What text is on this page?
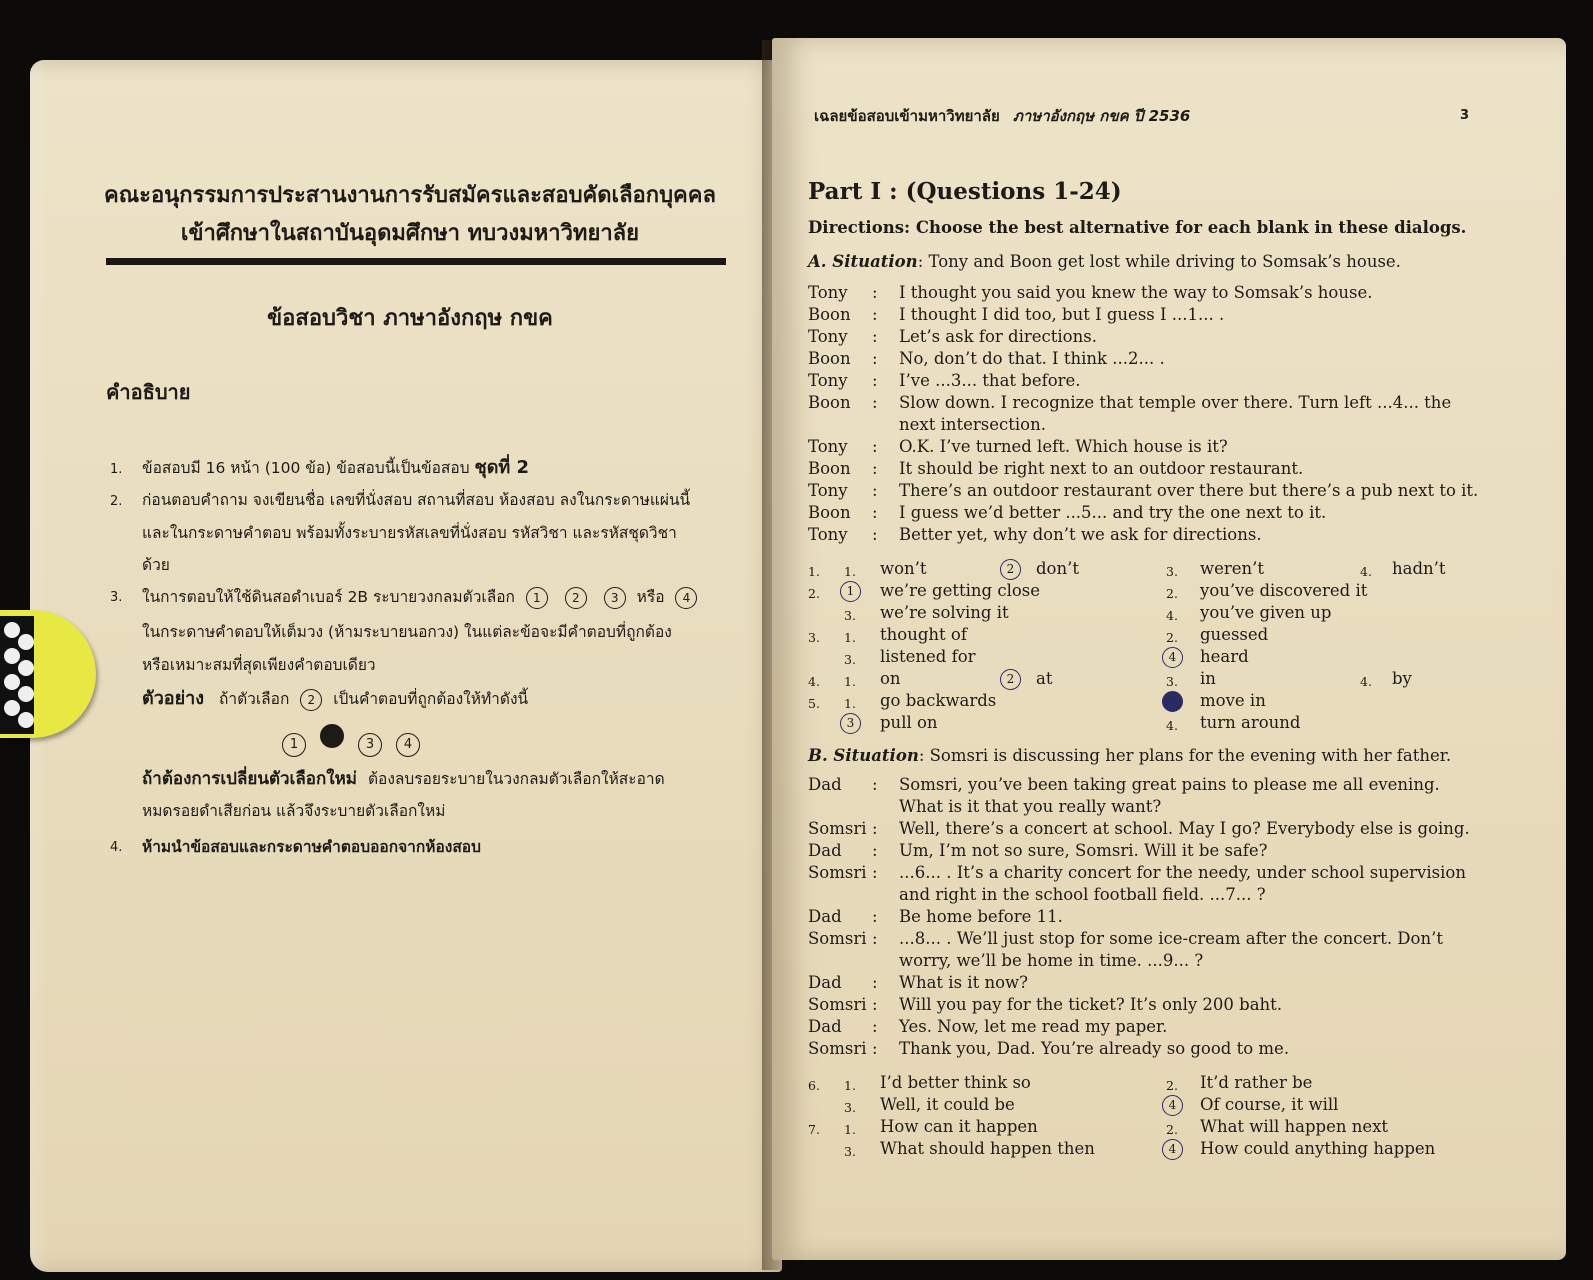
คณะอนุกรรมการประสานงานการรับสมัครและสอบคัดเลือกบุคคล
เข้าศึกษาในสถาบันอุดมศึกษา ทบวงมหาวิทยาลัย
ข้อสอบวิชา ภาษาอังกฤษ กขค
คำอธิบาย
1. ข้อสอบมี 16 หน้า (100 ข้อ) ข้อสอบนี้เป็นข้อสอบ ชุดที่ 2
2. ก่อนตอบคำถาม จงเขียนชื่อ เลขที่นั่งสอบ สถานที่สอบ ห้องสอบ ลงในกระดาษแผ่นนี้
และในกระดาษคำตอบ พร้อมทั้งระบายรหัสเลขที่นั่งสอบ รหัสวิชา และรหัสชุดวิชา
ด้วย
3. ในการตอบให้ใช้ดินสอดำเบอร์ 2B ระบายวงกลมตัวเลือก 1	2	3 หรือ 4
ในกระดาษคำตอบให้เต็มวง (ห้ามระบายนอกวง) ในแต่ละข้อจะมีคำตอบที่ถูกต้อง
หรือเหมาะสมที่สุดเพียงคำตอบเดียว
ตัวอย่าง ถ้าตัวเลือก 2 เป็นคำตอบที่ถูกต้องให้ทำดังนี้
1	3 4
ถ้าต้องการเปลี่ยนตัวเลือกใหม่ ต้องลบรอยระบายในวงกลมตัวเลือกให้สะอาด
หมดรอยดำเสียก่อน แล้วจึงระบายตัวเลือกใหม่
4. ห้ามนำข้อสอบและกระดาษคำตอบออกจากห้องสอบ
เฉลยข้อสอบเข้ามหาวิทยาลัย ภาษาอังกฤษ กขค ปี 2536	3
Part I : (Questions 1-24)
Directions: Choose the best alternative for each blank in these dialogs.
A. Situation: Tony and Boon get lost while driving to Somsak’s house.
Tony : I thought you said you knew the way to Somsak’s house.
Boon : I thought I did too, but I guess I ...1... .
Tony : Let’s ask for directions.
Boon : No, don’t do that. I think ...2... .
Tony : I’ve ...3... that before.
Boon : Slow down. I recognize that temple over there. Turn left ...4... the
next intersection.
Tony : O.K. I’ve turned left. Which house is it?
Boon : It should be right next to an outdoor restaurant.
Tony : There’s an outdoor restaurant over there but there’s a pub next to it.
Boon : I guess we’d better ...5... and try the one next to it.
Tony : Better yet, why don’t we ask for directions.
1. 1. won’t	2	don’t	3. weren’t	4. hadn’t
2.	1	we’re getting close	2. you’ve discovered it
3. we’re solving it	4. you’ve given up
3. 1. thought of	2. guessed
3. listened for	4	heard
4. 1. on	2	at	3. in	4. by
5. 1. go backwards	2	move in
3	pull on	4. turn around
B. Situation: Somsri is discussing her plans for the evening with her father.
Dad : Somsri, you’ve been taking great pains to please me all evening.
What is it that you really want?
Somsri : Well, there’s a concert at school. May I go? Everybody else is going.
Dad : Um, I’m not so sure, Somsri. Will it be safe?
Somsri : ...6... . It’s a charity concert for the needy, under school supervision
and right in the school football field. ...7... ?
Dad : Be home before 11.
Somsri : ...8... . We’ll just stop for some ice-cream after the concert. Don’t
worry, we’ll be home in time. ...9... ?
Dad : What is it now?
Somsri : Will you pay for the ticket? It’s only 200 baht.
Dad : Yes. Now, let me read my paper.
Somsri : Thank you, Dad. You’re already so good to me.
6. 1. I’d better think so	2. It’d rather be
3. Well, it could be	4	Of course, it will
7. 1. How can it happen	2. What will happen next
3. What should happen then	4	How could anything happen
